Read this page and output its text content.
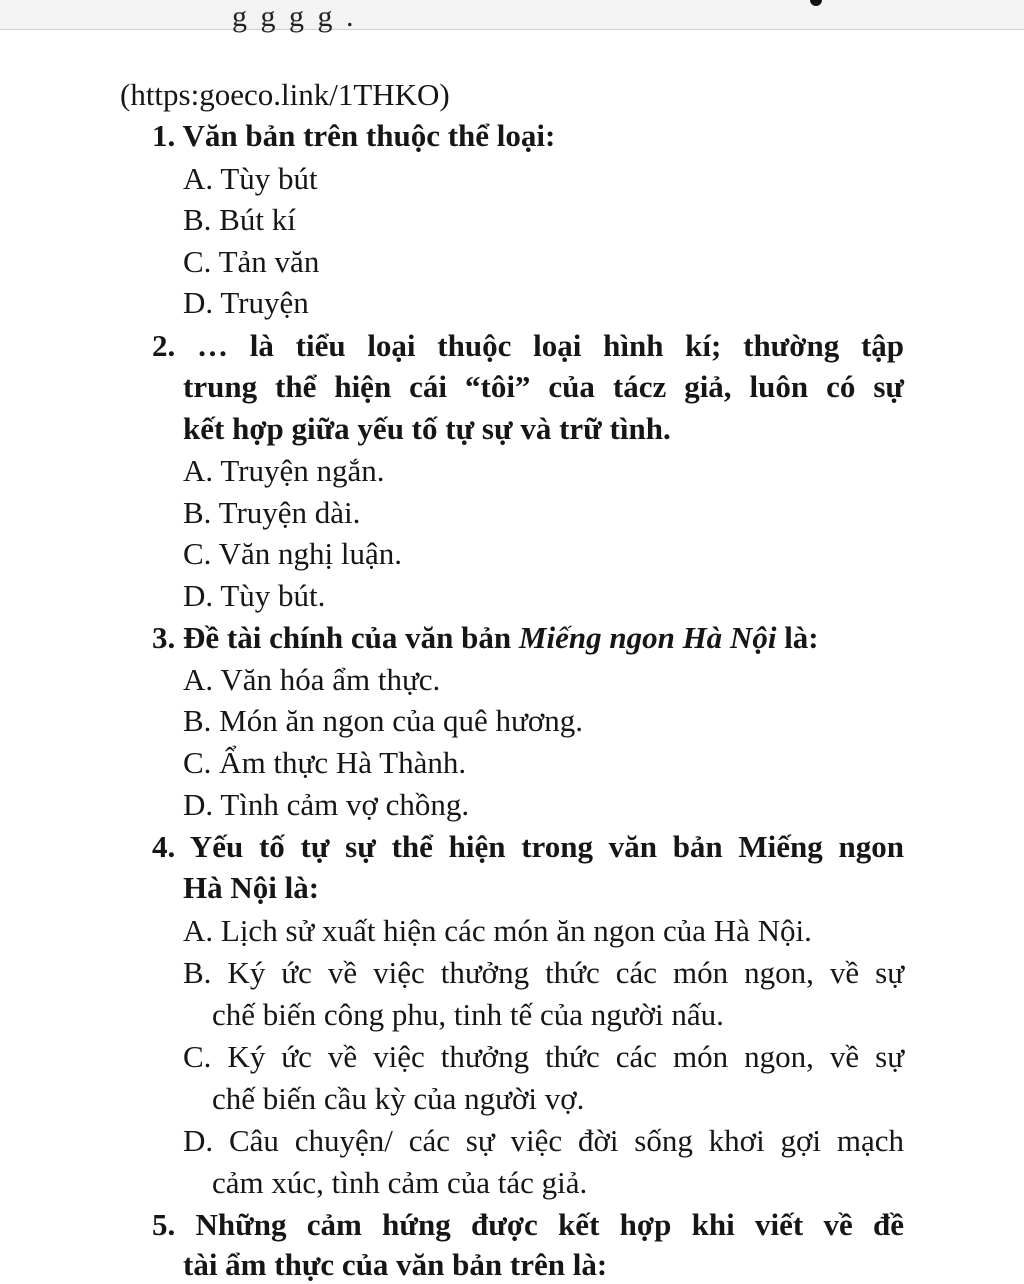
g g g g .
(https:goeco.link/1THKO)
1. Văn bản trên thuộc thể loại:
A. Tùy bút
B. Bút kí
C. Tản văn
D. Truyện
2. … là tiểu loại thuộc loại hình kí; thường tập
trung thể hiện cái “tôi” của tácz giả, luôn có sự
kết hợp giữa yếu tố tự sự và trữ tình.
A. Truyện ngắn.
B. Truyện dài.
C. Văn nghị luận.
D. Tùy bút.
3. Đề tài chính của văn bản Miếng ngon Hà Nội là:
A. Văn hóa ẩm thực.
B. Món ăn ngon của quê hương.
C. Ẩm thực Hà Thành.
D. Tình cảm vợ chồng.
4. Yếu tố tự sự thể hiện trong văn bản Miếng ngon
Hà Nội là:
A. Lịch sử xuất hiện các món ăn ngon của Hà Nội.
B. Ký ức về việc thưởng thức các món ngon, về sự
chế biến công phu, tinh tế của người nấu.
C. Ký ức về việc thưởng thức các món ngon, về sự
chế biến cầu kỳ của người vợ.
D. Câu chuyện/ các sự việc đời sống khơi gợi mạch
cảm xúc, tình cảm của tác giả.
5. Những cảm hứng được kết hợp khi viết về đề
tài ẩm thực của văn bản trên là:
